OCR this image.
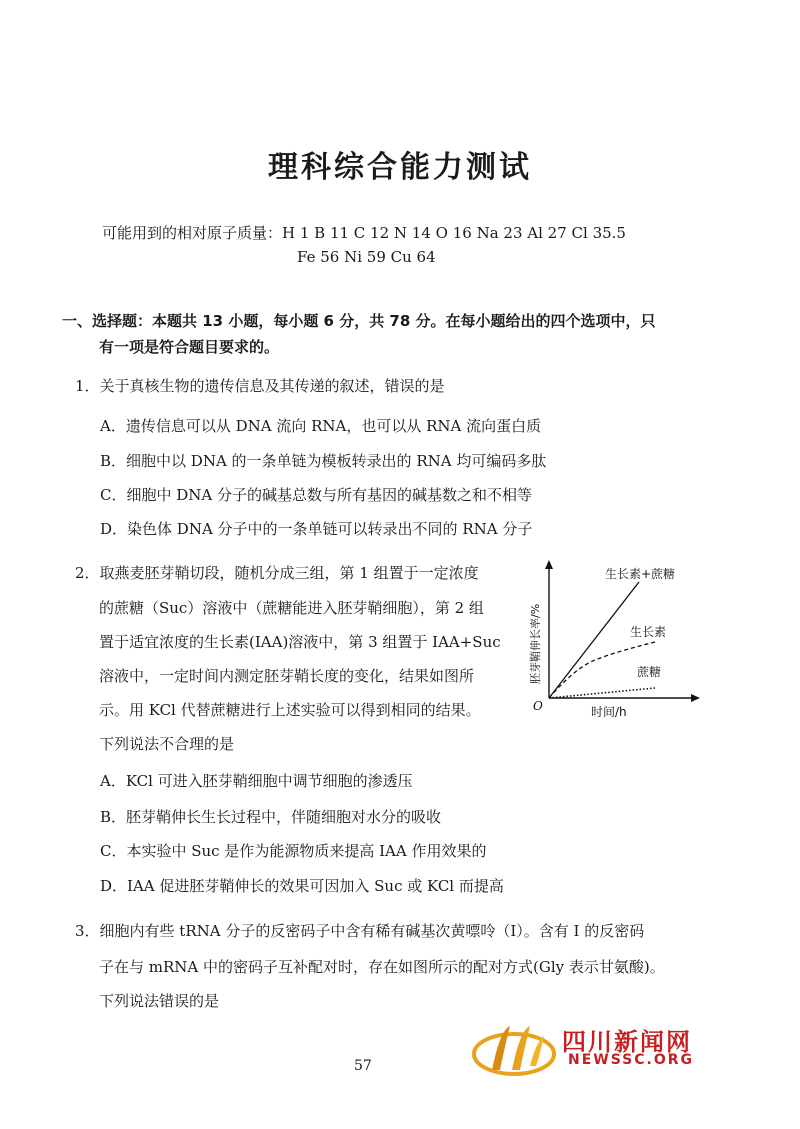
理科综合能力测试
可能用到的相对原子质量：H 1 B 11 C 12 N 14 O 16 Na 23 Al 27 Cl 35.5
Fe 56 Ni 59 Cu 64
一、选择题：本题共 13 小题，每小题 6 分，共 78 分。在每小题给出的四个选项中，只
有一项是符合题目要求的。
1．关于真核生物的遗传信息及其传递的叙述，错误的是
A．遗传信息可以从 DNA 流向 RNA，也可以从 RNA 流向蛋白质
B．细胞中以 DNA 的一条单链为模板转录出的 RNA 均可编码多肽
C．细胞中 DNA 分子的碱基总数与所有基因的碱基数之和不相等
D．染色体 DNA 分子中的一条单链可以转录出不同的 RNA 分子
2．取燕麦胚芽鞘切段，随机分成三组，第 1 组置于一定浓度
的蔗糖（Suc）溶液中（蔗糖能进入胚芽鞘细胞），第 2 组
置于适宜浓度的生长素(IAA)溶液中，第 3 组置于 IAA+Suc
溶液中，一定时间内测定胚芽鞘长度的变化，结果如图所
示。用 KCl 代替蔗糖进行上述实验可以得到相同的结果。
下列说法不合理的是
生长素+蔗糖
生长素
蔗糖
O	时间/h
胚芽鞘伸长率/%
A．KCl 可进入胚芽鞘细胞中调节细胞的渗透压
B．胚芽鞘伸长生长过程中，伴随细胞对水分的吸收
C．本实验中 Suc 是作为能源物质来提高 IAA 作用效果的
D．IAA 促进胚芽鞘伸长的效果可因加入 Suc 或 KCl 而提高
3．细胞内有些 tRNA 分子的反密码子中含有稀有碱基次黄嘌呤（I）。含有 I 的反密码
子在与 mRNA 中的密码子互补配对时，存在如图所示的配对方式(Gly 表示甘氨酸)。
下列说法错误的是
57
四川新闻网
NEWSSC.ORG
